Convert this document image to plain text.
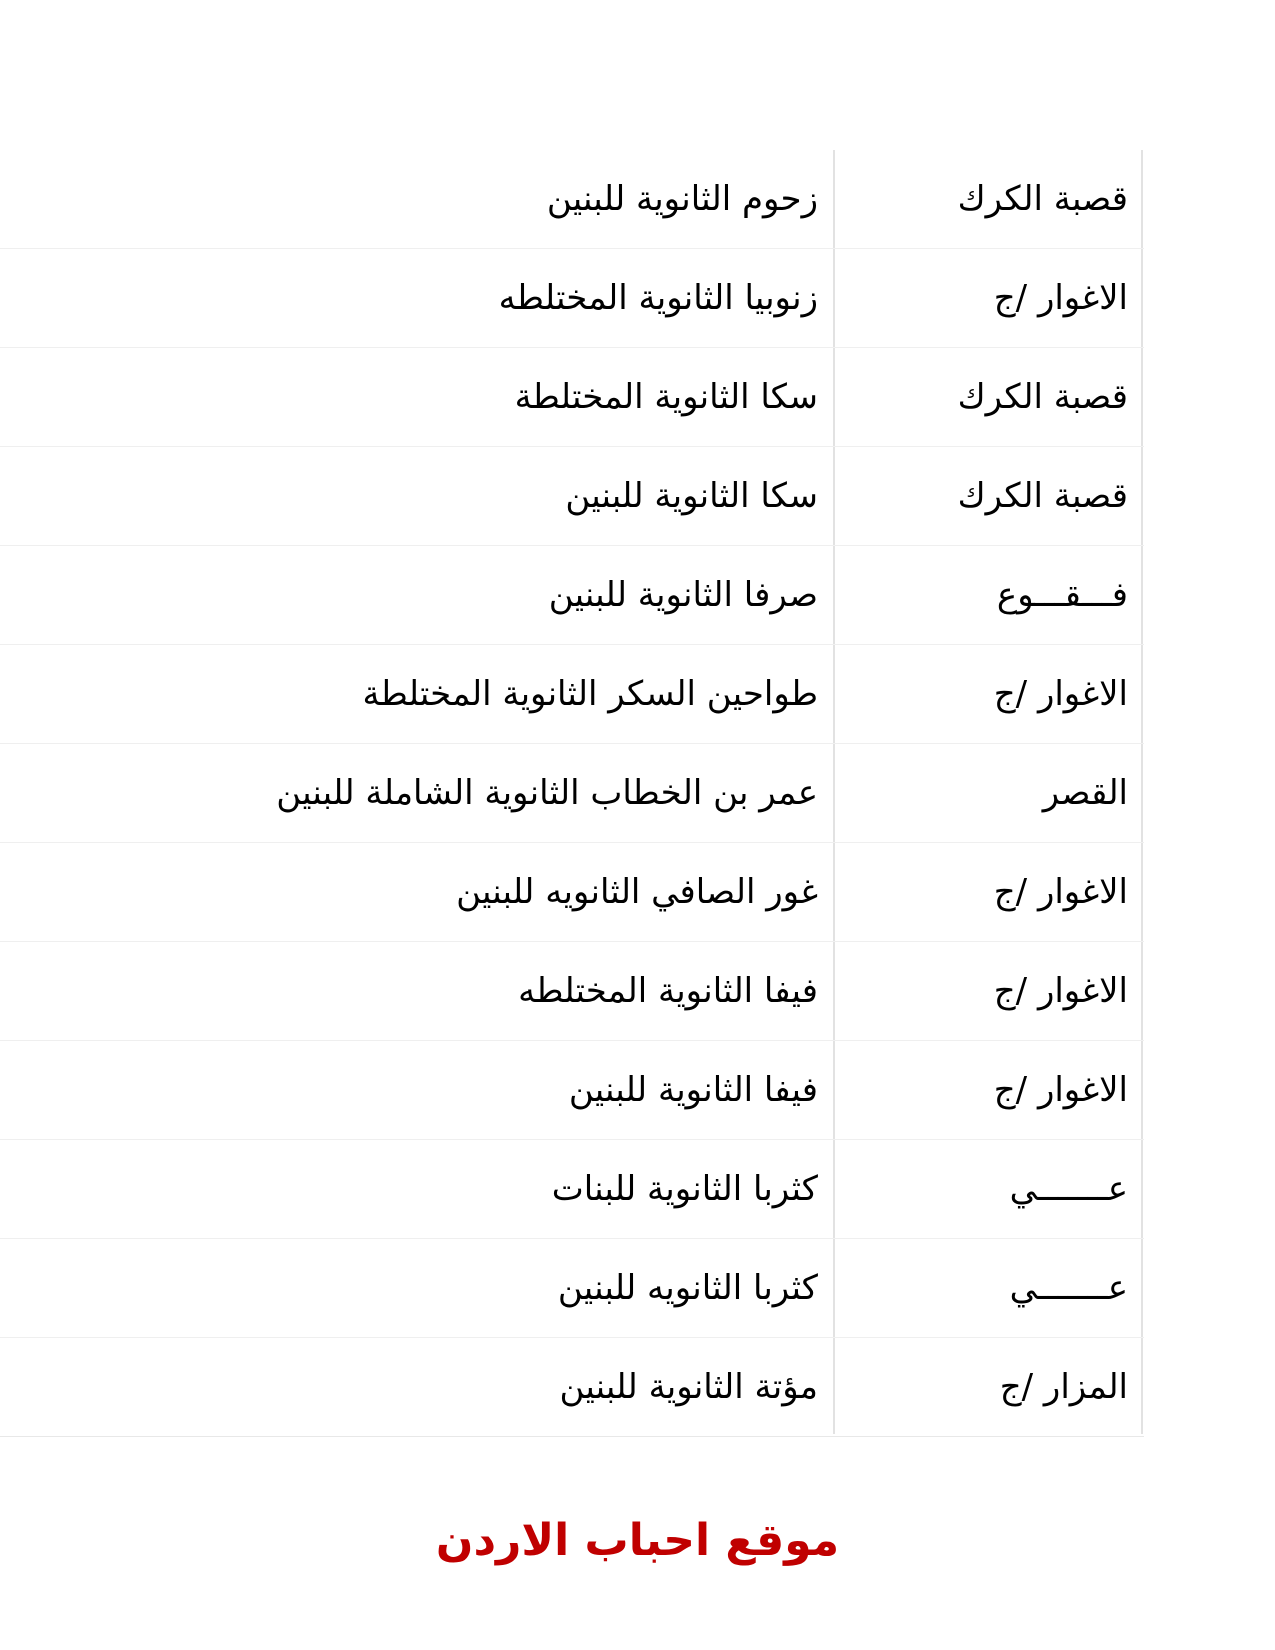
قصبة الكرك
زحوم الثانوية للبنين
الاغوار /ج
زنوبيا الثانوية المختلطه
قصبة الكرك
سكا الثانوية المختلطة
قصبة الكرك
سكا الثانوية للبنين
فـــقـــوع
صرفا الثانوية للبنين
الاغوار /ج
طواحين السكر الثانوية المختلطة
القصر
عمر بن الخطاب الثانوية الشاملة للبنين
الاغوار /ج
غور الصافي الثانويه للبنين
الاغوار /ج
فيفا الثانوية المختلطه
الاغوار /ج
فيفا الثانوية للبنين
عـــــــي
كثربا الثانوية للبنات
عـــــــي
كثربا الثانويه للبنين
المزار /ج
مؤتة الثانوية للبنين
موقع احباب الاردن
